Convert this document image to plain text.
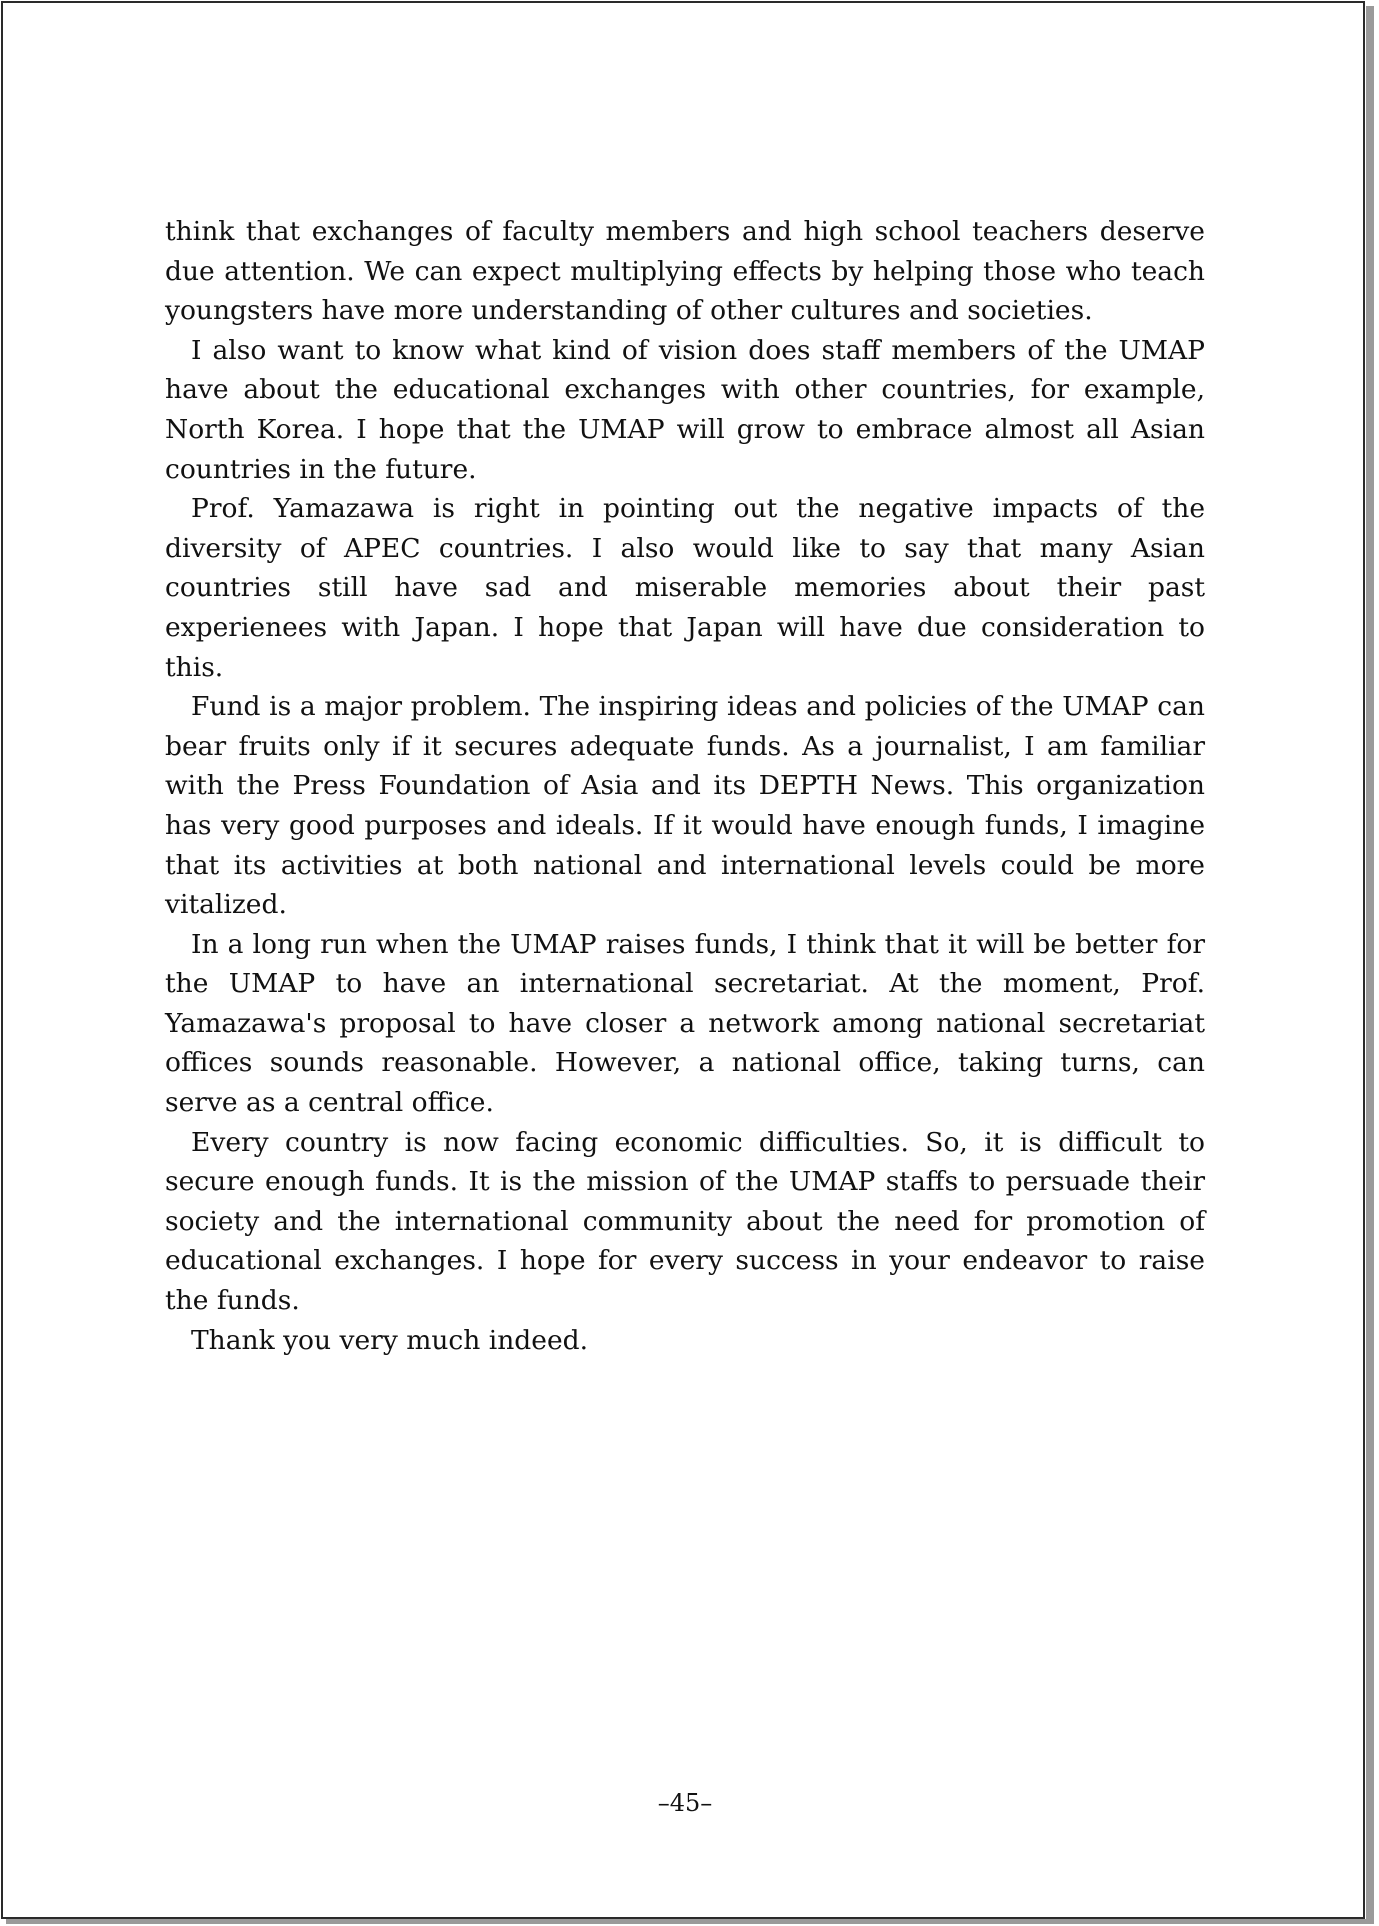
think that exchanges of faculty members and high school teachers deserve due attention. We can expect multiplying effects by helping those who teach youngsters have more understanding of other cultures and societies.

I also want to know what kind of vision does staff members of the UMAP have about the educational exchanges with other countries, for example, North Korea. I hope that the UMAP will grow to embrace almost all Asian countries in the future.

Prof. Yamazawa is right in pointing out the negative impacts of the diversity of APEC countries. I also would like to say that many Asian countries still have sad and miserable memories about their past experienees with Japan. I hope that Japan will have due consideration to this.

Fund is a major problem. The inspiring ideas and policies of the UMAP can bear fruits only if it secures adequate funds. As a journalist, I am familiar with the Press Foundation of Asia and its DEPTH News. This organization has very good purposes and ideals. If it would have enough funds, I imagine that its activities at both national and international levels could be more vitalized.

In a long run when the UMAP raises funds, I think that it will be better for the UMAP to have an international secretariat. At the moment, Prof. Yamazawa's proposal to have closer a network among national secretariat offices sounds reasonable. However, a national office, taking turns, can serve as a central office.

Every country is now facing economic difficulties. So, it is difficult to secure enough funds. It is the mission of the UMAP staffs to persuade their society and the international community about the need for promotion of educational exchanges. I hope for every success in your endeavor to raise the funds.

Thank you very much indeed.

–45–
